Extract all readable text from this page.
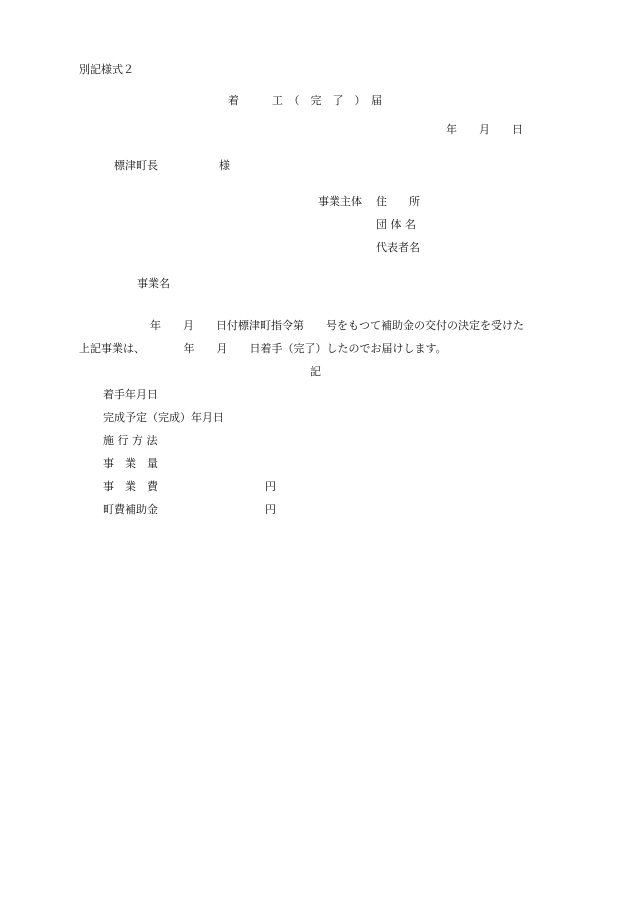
別記様式２
着　　　工　（　完　了　）　届
年　　月　　日
標津町長	様
事業主体 住　　所
団 体 名
代表者名
事業名
年　　月　　日付標津町指令第　　号をもつて補助金の交付の決定を受けた
上記事業は、　　　　年　　月　　日着手（完了）したのでお届けします。
記
着手年月日
完成予定（完成）年月日
施 行 方 法
事　業　量
事　業　費	円
町費補助金	円
